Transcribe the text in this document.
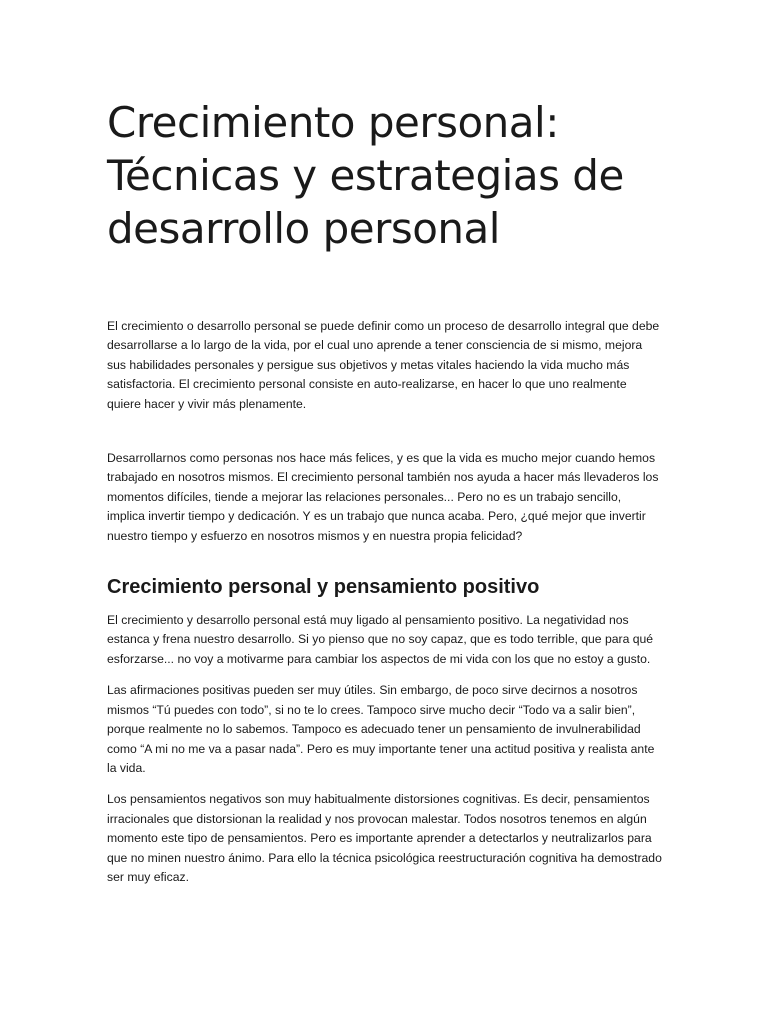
Crecimiento personal:
Técnicas y estrategias de
desarrollo personal

El crecimiento o desarrollo personal se puede definir como un proceso de desarrollo integral que debe desarrollarse a lo largo de la vida, por el cual uno aprende a tener consciencia de si mismo, mejora sus habilidades personales y persigue sus objetivos y metas vitales haciendo la vida mucho más satisfactoria. El crecimiento personal consiste en auto-realizarse, en hacer lo que uno realmente quiere hacer y vivir más plenamente.

Desarrollarnos como personas nos hace más felices, y es que la vida es mucho mejor cuando hemos trabajado en nosotros mismos. El crecimiento personal también nos ayuda a hacer más llevaderos los momentos difíciles, tiende a mejorar las relaciones personales... Pero no es un trabajo sencillo, implica invertir tiempo y dedicación. Y es un trabajo que nunca acaba. Pero, ¿qué mejor que invertir nuestro tiempo y esfuerzo en nosotros mismos y en nuestra propia felicidad?

Crecimiento personal y pensamiento positivo

El crecimiento y desarrollo personal está muy ligado al pensamiento positivo. La negatividad nos estanca y frena nuestro desarrollo. Si yo pienso que no soy capaz, que es todo terrible, que para qué esforzarse... no voy a motivarme para cambiar los aspectos de mi vida con los que no estoy a gusto.

Las afirmaciones positivas pueden ser muy útiles. Sin embargo, de poco sirve decirnos a nosotros mismos “Tú puedes con todo”, si no te lo crees. Tampoco sirve mucho decir “Todo va a salir bien”, porque realmente no lo sabemos. Tampoco es adecuado tener un pensamiento de invulnerabilidad como “A mi no me va a pasar nada”. Pero es muy importante tener una actitud positiva y realista ante la vida.

Los pensamientos negativos son muy habitualmente distorsiones cognitivas. Es decir, pensamientos irracionales que distorsionan la realidad y nos provocan malestar. Todos nosotros tenemos en algún momento este tipo de pensamientos. Pero es importante aprender a detectarlos y neutralizarlos para que no minen nuestro ánimo. Para ello la técnica psicológica reestructuración cognitiva ha demostrado ser muy eficaz.
